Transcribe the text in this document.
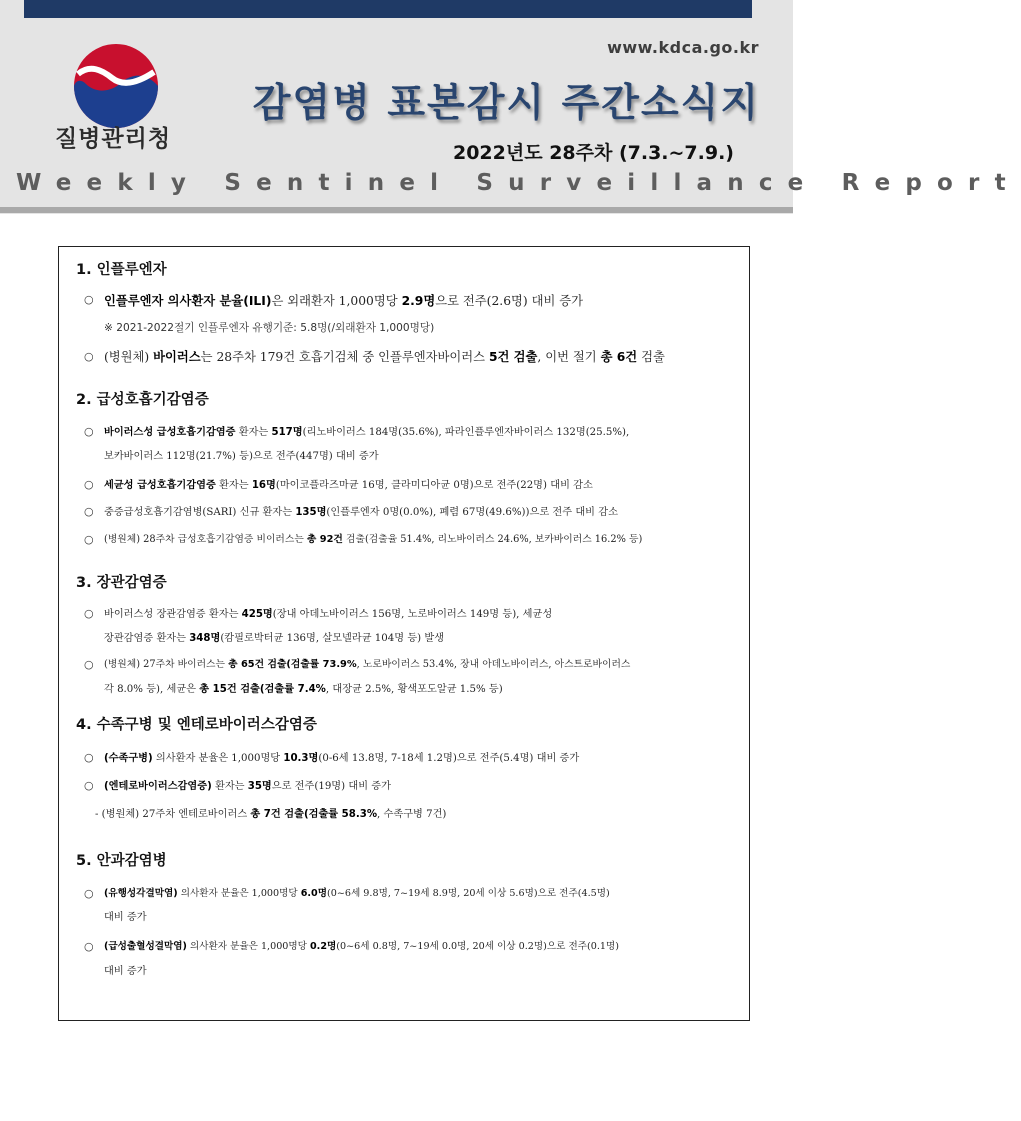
질병관리청
www.kdca.go.kr
감염병 표본감시 주간소식지
2022년도 28주차 (7.3.~7.9.)
Weekly Sentinel Surveillance Report
1. 인플루엔자
○ 인플루엔자 의사환자 분율(ILI)은 외래환자 1,000명당 2.9명으로 전주(2.6명) 대비 증가
※ 2021-2022절기 인플루엔자 유행기준: 5.8명(/외래환자 1,000명당)
○ (병원체) 바이러스는 28주차 179건 호흡기검체 중 인플루엔자바이러스 5건 검출, 이번 절기 총 6건 검출
2. 급성호흡기감염증
○ 바이러스성 급성호흡기감염증 환자는 517명(리노바이러스 184명(35.6%), 파라인플루엔자바이러스 132명(25.5%),
보카바이러스 112명(21.7%) 등)으로 전주(447명) 대비 증가
○ 세균성 급성호흡기감염증 환자는 16명(마이코플라즈마균 16명, 클라미디아균 0명)으로 전주(22명) 대비 감소
○ 중증급성호흡기감염병(SARI) 신규 환자는 135명(인플루엔자 0명(0.0%), 폐렴 67명(49.6%))으로 전주 대비 감소
○ (병원체) 28주차 급성호흡기감염증 비이러스는 총 92건 검출(검출율 51.4%, 리노바이러스 24.6%, 보카바이러스 16.2% 등)
3. 장관감염증
○ 바이러스성 장관감염증 환자는 425명(장내 아데노바이러스 156명, 노로바이러스 149명 등), 세균성
장관감염증 환자는 348명(캄필로박터균 136명, 살모넬라균 104명 등) 발생
○ (병원체) 27주차 바이러스는 총 65건 검출(검출률 73.9%, 노로바이러스 53.4%, 장내 아데노바이러스, 아스트로바이러스
각 8.0% 등), 세균은 총 15건 검출(검출률 7.4%, 대장균 2.5%, 황색포도알균 1.5% 등)
4. 수족구병 및 엔테로바이러스감염증
○ (수족구병) 의사환자 분율은 1,000명당 10.3명(0-6세 13.8명, 7-18세 1.2명)으로 전주(5.4명) 대비 증가
○ (엔테로바이러스감염증) 환자는 35명으로 전주(19명) 대비 증가
- (병원체) 27주차 엔테로바이러스 총 7건 검출(검출률 58.3%, 수족구병 7건)
5. 안과감염병
○ (유행성각결막염) 의사환자 분율은 1,000명당 6.0명(0~6세 9.8명, 7~19세 8.9명, 20세 이상 5.6명)으로 전주(4.5명)
대비 증가
○ (급성출혈성결막염) 의사환자 분율은 1,000명당 0.2명(0~6세 0.8명, 7~19세 0.0명, 20세 이상 0.2명)으로 전주(0.1명)
대비 증가
